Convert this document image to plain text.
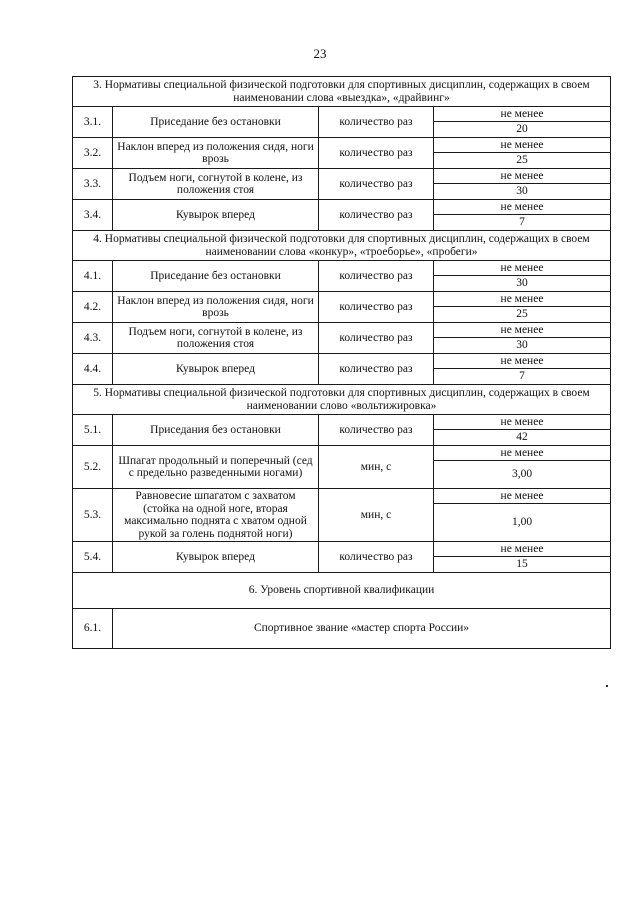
23
3. Нормативы специальной физической подготовки для спортивных дисциплин, содержащих в своем наименовании слова «выездка», «драйвинг»			
3.1.	Приседание без остановки	количество раз	не менее
			20
3.2.	Наклон вперед из положения сидя, ноги врозь	количество раз	не менее
			25
3.3.	Подъем ноги, согнутой в колене, из положения стоя	количество раз	не менее
			30
3.4.	Кувырок вперед	количество раз	не менее
			7
4. Нормативы специальной физической подготовки для спортивных дисциплин, содержащих в своем наименовании слова «конкур», «троеборье», «пробеги»			
4.1.	Приседание без остановки	количество раз	не менее
			30
4.2.	Наклон вперед из положения сидя, ноги врозь	количество раз	не менее
			25
4.3.	Подъем ноги, согнутой в колене, из положения стоя	количество раз	не менее
			30
4.4.	Кувырок вперед	количество раз	не менее
			7
5. Нормативы специальной физической подготовки для спортивных дисциплин, содержащих в своем наименовании слово «вольтижировка»			
5.1.	Приседания без остановки	количество раз	не менее
			42
5.2.	Шпагат продольный и поперечный (сед с предельно разведенными ногами)	мин, с	не менее
			3,00
5.3.	Равновесие шпагатом с захватом (стойка на одной ноге, вторая максимально поднята с хватом одной рукой за голень поднятой ноги)	мин, с	не менее
			1,00
5.4.	Кувырок вперед	количество раз	не менее
			15
6. Уровень спортивной квалификации			
6.1.	Спортивное звание «мастер спорта России»		
